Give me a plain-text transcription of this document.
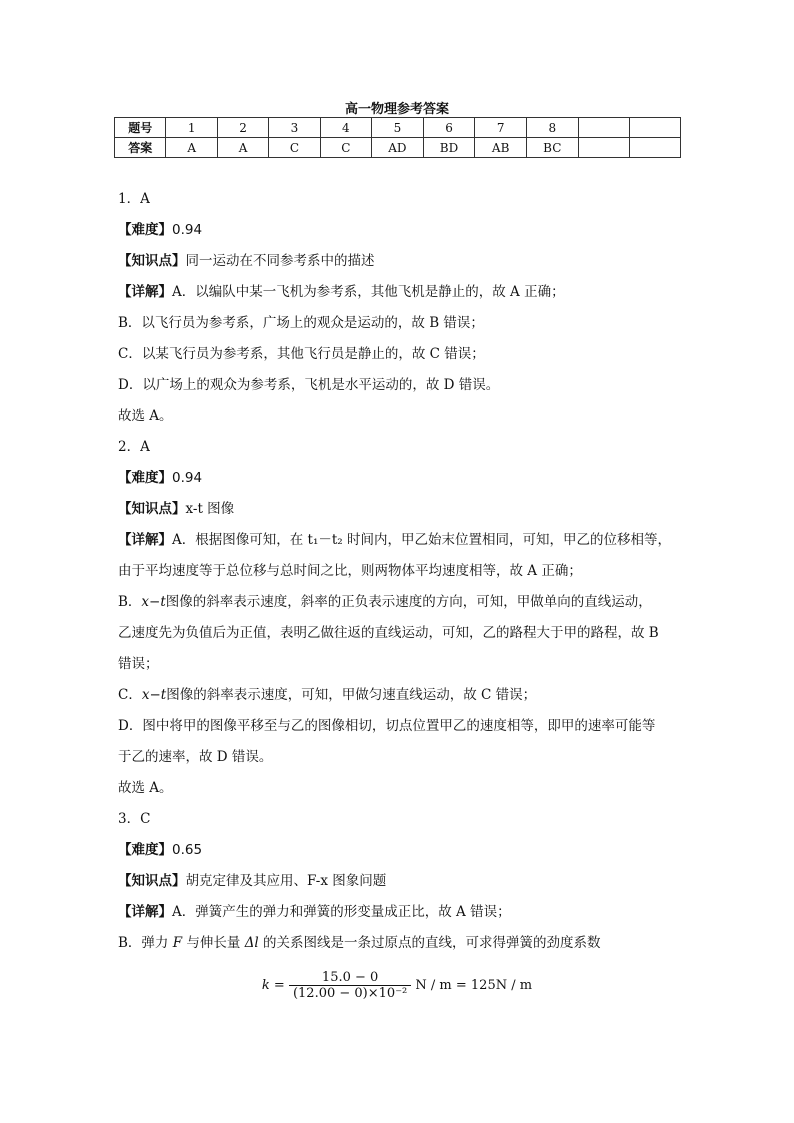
高一物理参考答案
题号	1	2	3	4	5	6	7	8		
答案	A	A	C	C	AD	BD	AB	BC		
1．A
【难度】0.94
【知识点】同一运动在不同参考系中的描述
【详解】A．以编队中某一飞机为参考系，其他飞机是静止的，故 A 正确；
B．以飞行员为参考系，广场上的观众是运动的，故 B 错误；
C．以某飞行员为参考系，其他飞行员是静止的，故 C 错误；
D．以广场上的观众为参考系，飞机是水平运动的，故 D 错误。
故选 A。
2．A
【难度】0.94
【知识点】x-t 图像
【详解】A．根据图像可知，在 t₁－t₂ 时间内，甲乙始末位置相同，可知，甲乙的位移相等，
由于平均速度等于总位移与总时间之比，则两物体平均速度相等，故 A 正确；
B．x−t图像的斜率表示速度，斜率的正负表示速度的方向，可知，甲做单向的直线运动，
乙速度先为负值后为正值，表明乙做往返的直线运动，可知，乙的路程大于甲的路程，故 B
错误；
C．x−t图像的斜率表示速度，可知，甲做匀速直线运动，故 C 错误；
D．图中将甲的图像平移至与乙的图像相切，切点位置甲乙的速度相等，即甲的速率可能等
于乙的速率，故 D 错误。
故选 A。
3．C
【难度】0.65
【知识点】胡克定律及其应用、F-x 图象问题
【详解】A．弹簧产生的弹力和弹簧的形变量成正比，故 A 错误；
B．弹力 F 与伸长量 Δl 的关系图线是一条过原点的直线，可求得弹簧的劲度系数
$k = \frac{15.0 - 0}{\text{(12.00 − 0)×10⁻²}}$ N / m = 125N / m
